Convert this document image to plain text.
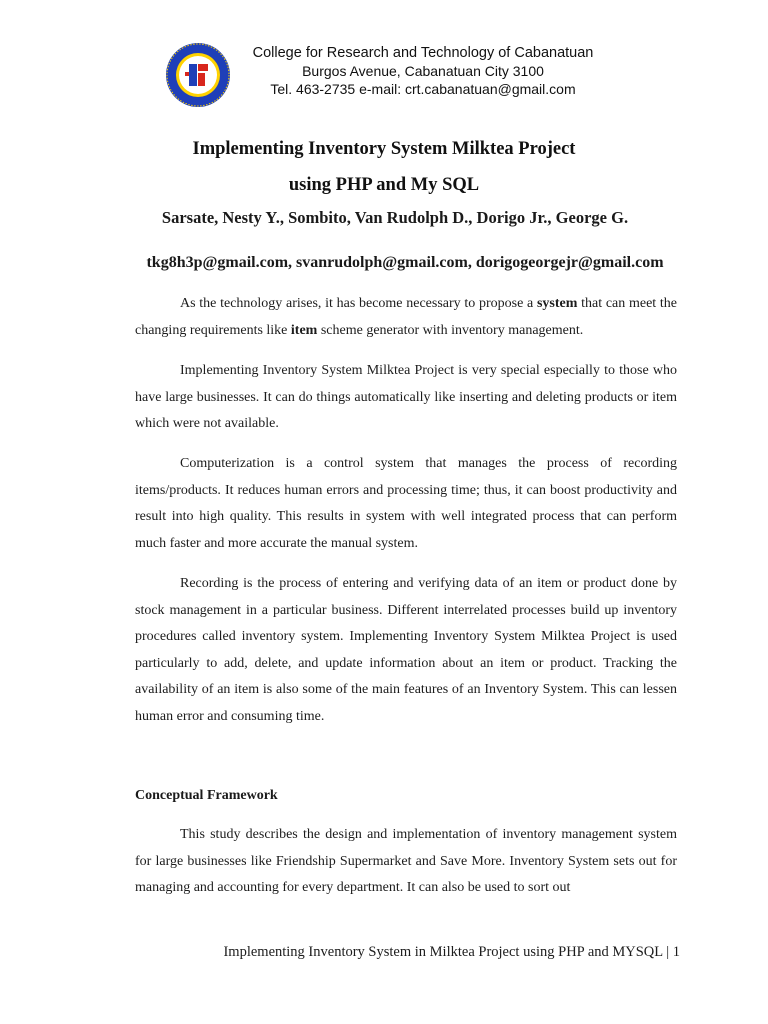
College for Research and Technology of Cabanatuan
Burgos Avenue, Cabanatuan City 3100
Tel. 463-2735 e-mail: crt.cabanatuan@gmail.com
Implementing Inventory System Milktea Project
using PHP and My SQL
Sarsate, Nesty Y., Sombito, Van Rudolph D., Dorigo Jr., George G.
tkg8h3p@gmail.com, svanrudolph@gmail.com, dorigogeorgejr@gmail.com

As the technology arises, it has become necessary to propose a system that can meet the changing requirements like item scheme generator with inventory management.

Implementing Inventory System Milktea Project is very special especially to those who have large businesses. It can do things automatically like inserting and deleting products or item which were not available.

Computerization is a control system that manages the process of recording items/products. It reduces human errors and processing time; thus, it can boost productivity and result into high quality. This results in system with well integrated process that can perform much faster and more accurate the manual system.

Recording is the process of entering and verifying data of an item or product done by stock management in a particular business. Different interrelated processes build up inventory procedures called inventory system. Implementing Inventory System Milktea Project is used particularly to add, delete, and update information about an item or product. Tracking the availability of an item is also some of the main features of an Inventory System. This can lessen human error and consuming time.

Conceptual Framework

This study describes the design and implementation of inventory management system for large businesses like Friendship Supermarket and Save More. Inventory System sets out for managing and accounting for every department. It can also be used to sort out

Implementing Inventory System in Milktea Project using PHP and MYSQL | 1
